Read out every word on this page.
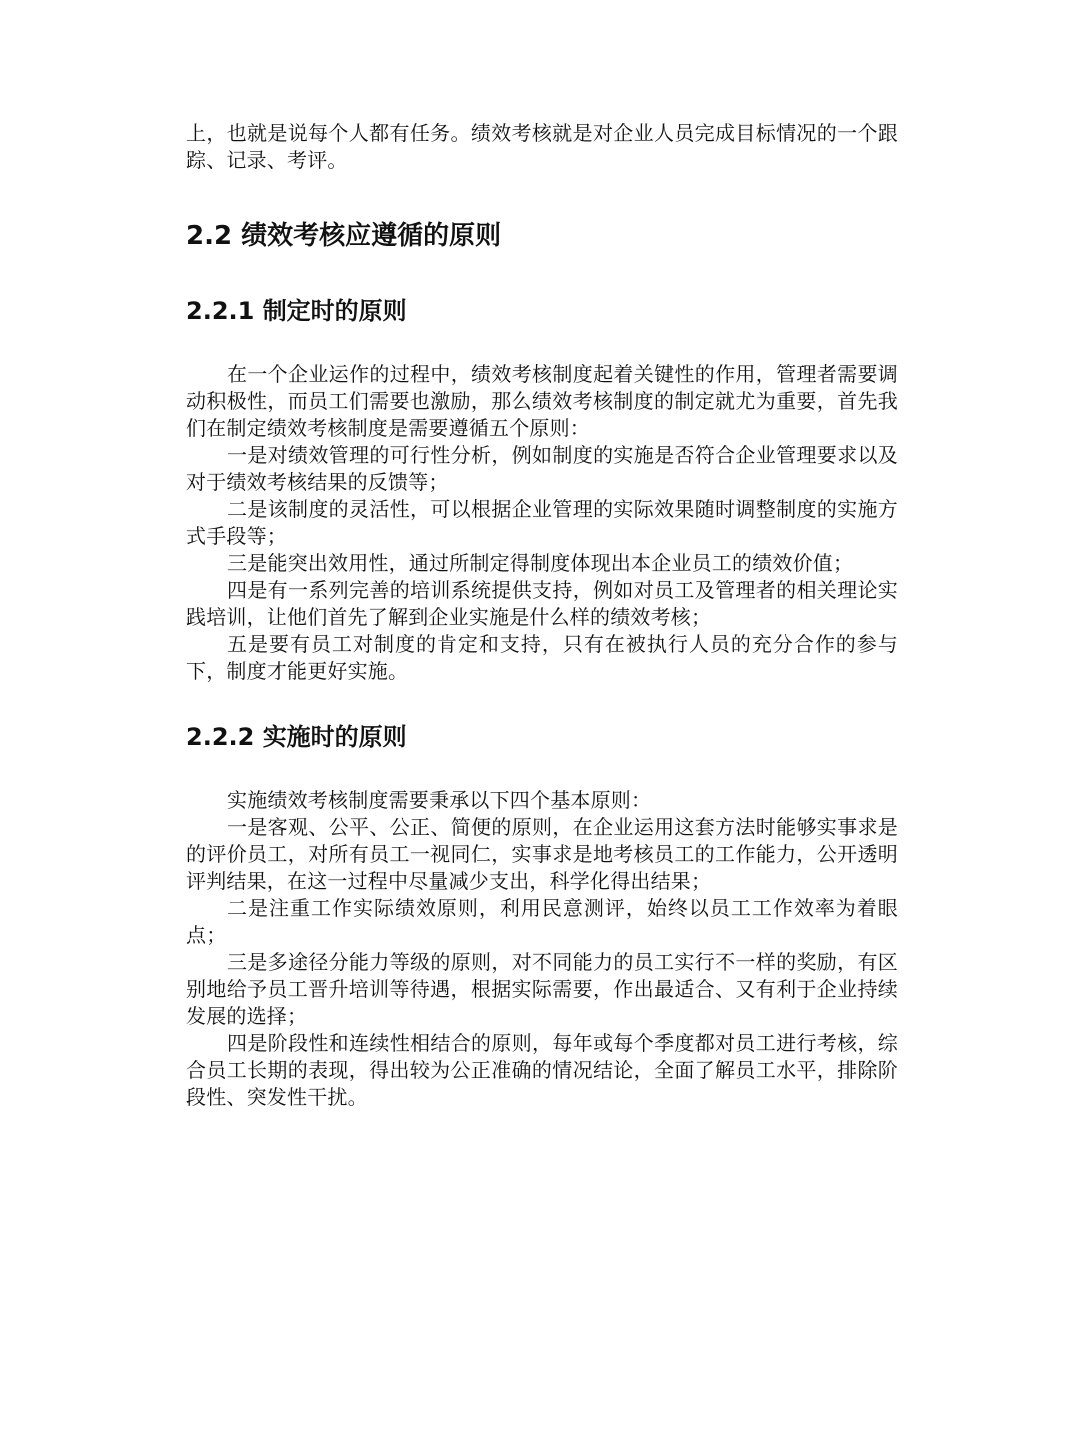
上，也就是说每个人都有任务。绩效考核就是对企业人员完成目标情况的一个跟踪、记录、考评。

2.2 绩效考核应遵循的原则
2.2.1 制定时的原则

在一个企业运作的过程中，绩效考核制度起着关键性的作用，管理者需要调动积极性，而员工们需要也激励，那么绩效考核制度的制定就尤为重要，首先我们在制定绩效考核制度是需要遵循五个原则：

一是对绩效管理的可行性分析，例如制度的实施是否符合企业管理要求以及对于绩效考核结果的反馈等；

二是该制度的灵活性，可以根据企业管理的实际效果随时调整制度的实施方式手段等；

三是能突出效用性，通过所制定得制度体现出本企业员工的绩效价值；

四是有一系列完善的培训系统提供支持，例如对员工及管理者的相关理论实践培训，让他们首先了解到企业实施是什么样的绩效考核；

五是要有员工对制度的肯定和支持，只有在被执行人员的充分合作的参与下，制度才能更好实施。

2.2.2 实施时的原则

实施绩效考核制度需要秉承以下四个基本原则：

一是客观、公平、公正、简便的原则，在企业运用这套方法时能够实事求是的评价员工，对所有员工一视同仁，实事求是地考核员工的工作能力，公开透明评判结果，在这一过程中尽量减少支出，科学化得出结果；

二是注重工作实际绩效原则，利用民意测评，始终以员工工作效率为着眼点；

三是多途径分能力等级的原则，对不同能力的员工实行不一样的奖励，有区别地给予员工晋升培训等待遇，根据实际需要，作出最适合、又有利于企业持续发展的选择；

四是阶段性和连续性相结合的原则，每年或每个季度都对员工进行考核，综合员工长期的表现，得出较为公正准确的情况结论，全面了解员工水平，排除阶段性、突发性干扰。
